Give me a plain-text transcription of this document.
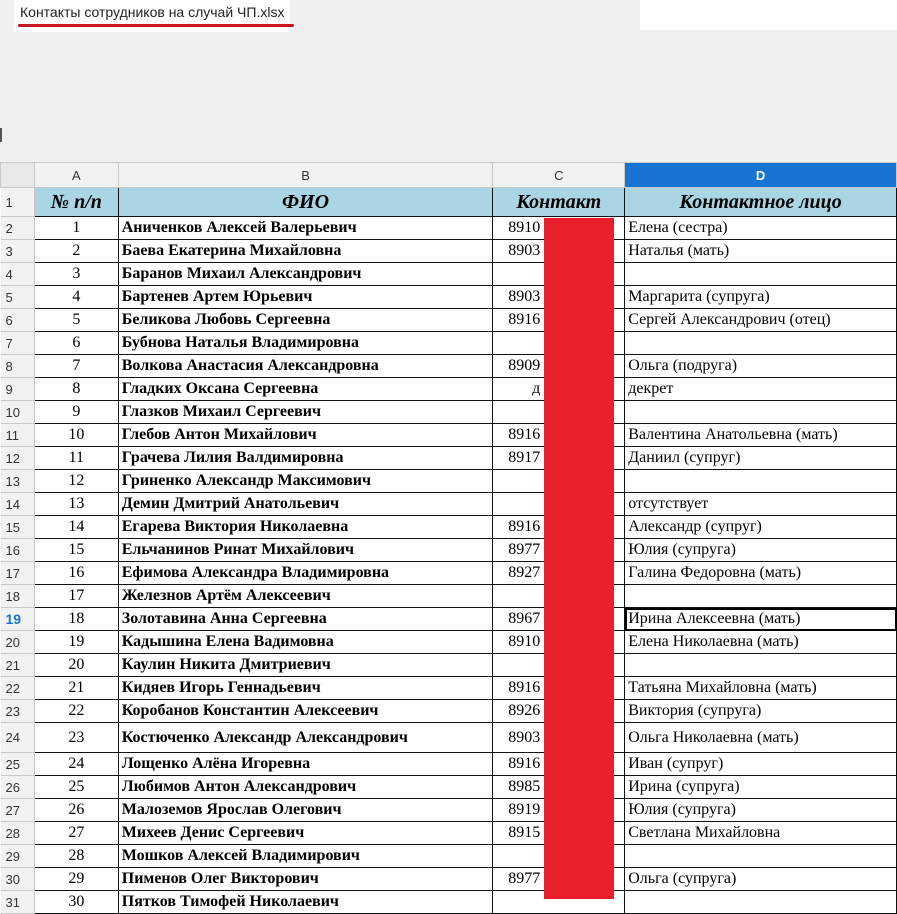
Контакты сотрудников на случай ЧП.xlsx
	A	B	C	D
1	№ п/п	ФИО	Контакт	Контактное лицо
2	1	Аниченков Алексей Валерьевич	8910	Елена (сестра)
3	2	Баева Екатерина Михайловна	8903	Наталья (мать)
4	3	Баранов Михаил Александрович		
5	4	Бартенев Артем Юрьевич	8903	Маргарита (супруга)
6	5	Беликова Любовь Сергеевна	8916	Сергей Александрович (отец)
7	6	Бубнова Наталья Владимировна		
8	7	Волкова Анастасия Александровна	8909	Ольга (подруга)
9	8	Гладких Оксана Сергеевна	д	декрет
10	9	Глазков Михаил Сергеевич		
11	10	Глебов Антон Михайлович	8916	Валентина Анатольевна (мать)
12	11	Грачева Лилия Валдимировна	8917	Даниил (супруг)
13	12	Гриненко Александр Максимович		
14	13	Демин Дмитрий Анатольевич		отсутствует
15	14	Егарева Виктория Николаевна	8916	Александр (супруг)
16	15	Ельчанинов Ринат Михайлович	8977	Юлия (супруга)
17	16	Ефимова Александра Владимировна	8927	Галина Федоровна (мать)
18	17	Железнов Артём Алексеевич		
19	18	Золотавина Анна Сергеевна	8967	Ирина Алексеевна (мать)
20	19	Кадышина Елена Вадимовна	8910	Елена Николаевна (мать)
21	20	Каулин Никита Дмитриевич		
22	21	Кидяев Игорь Геннадьевич	8916	Татьяна Михайловна (мать)
23	22	Коробанов Константин Алексеевич	8926	Виктория (супруга)
24	23	Костюченко Александр Александрович	8903	Ольга Николаевна (мать)
25	24	Лощенко Алёна Игоревна	8916	Иван (супруг)
26	25	Любимов Антон Александрович	8985	Ирина (супруга)
27	26	Малоземов Ярослав Олегович	8919	Юлия (супруга)
28	27	Михеев Денис Сергеевич	8915	Светлана Михайловна
29	28	Мошков Алексей Владимирович		
30	29	Пименов Олег Викторович	8977	Ольга (супруга)
31	30	Пятков Тимофей Николаевич		
